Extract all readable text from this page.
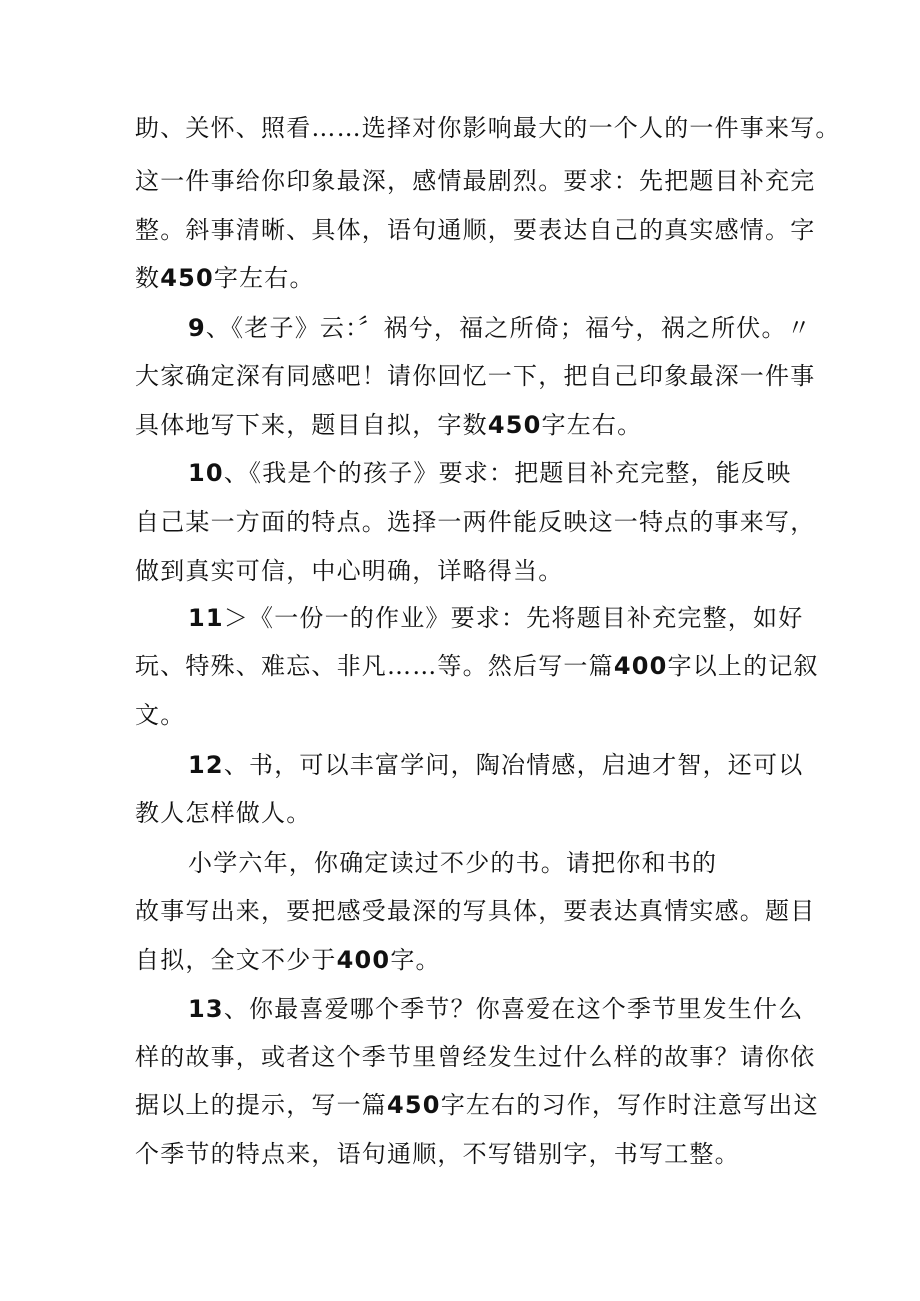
助、关怀、照看……选择对你影响最大的一个人的一件事来写。
这一件事给你印象最深，感情最剧烈。要求：先把题目补充完
整。斜事清晰、具体，语句通顺，要表达自己的真实感情。字
数450字左右。
9、《老子》云：〞祸兮，福之所倚；福兮，祸之所伏。〃
大家确定深有同感吧！请你回忆一下，把自己印象最深一件事
具体地写下来，题目自拟，字数450字左右。
10、《我是个的孩子》要求：把题目补充完整，能反映
自己某一方面的特点。选择一两件能反映这一特点的事来写，
做到真实可信，中心明确，详略得当。
11＞《一份一的作业》要求：先将题目补充完整，如好
玩、特殊、难忘、非凡……等。然后写一篇400字以上的记叙
文。
12、书，可以丰富学问，陶冶情感，启迪才智，还可以
教人怎样做人。
小学六年，你确定读过不少的书。请把你和书的
故事写出来，要把感受最深的写具体，要表达真情实感。题目
自拟，全文不少于400字。
13、你最喜爱哪个季节？你喜爱在这个季节里发生什么
样的故事，或者这个季节里曾经发生过什么样的故事？请你依
据以上的提示，写一篇450字左右的习作，写作时注意写出这
个季节的特点来，语句通顺，不写错别字，书写工整。
